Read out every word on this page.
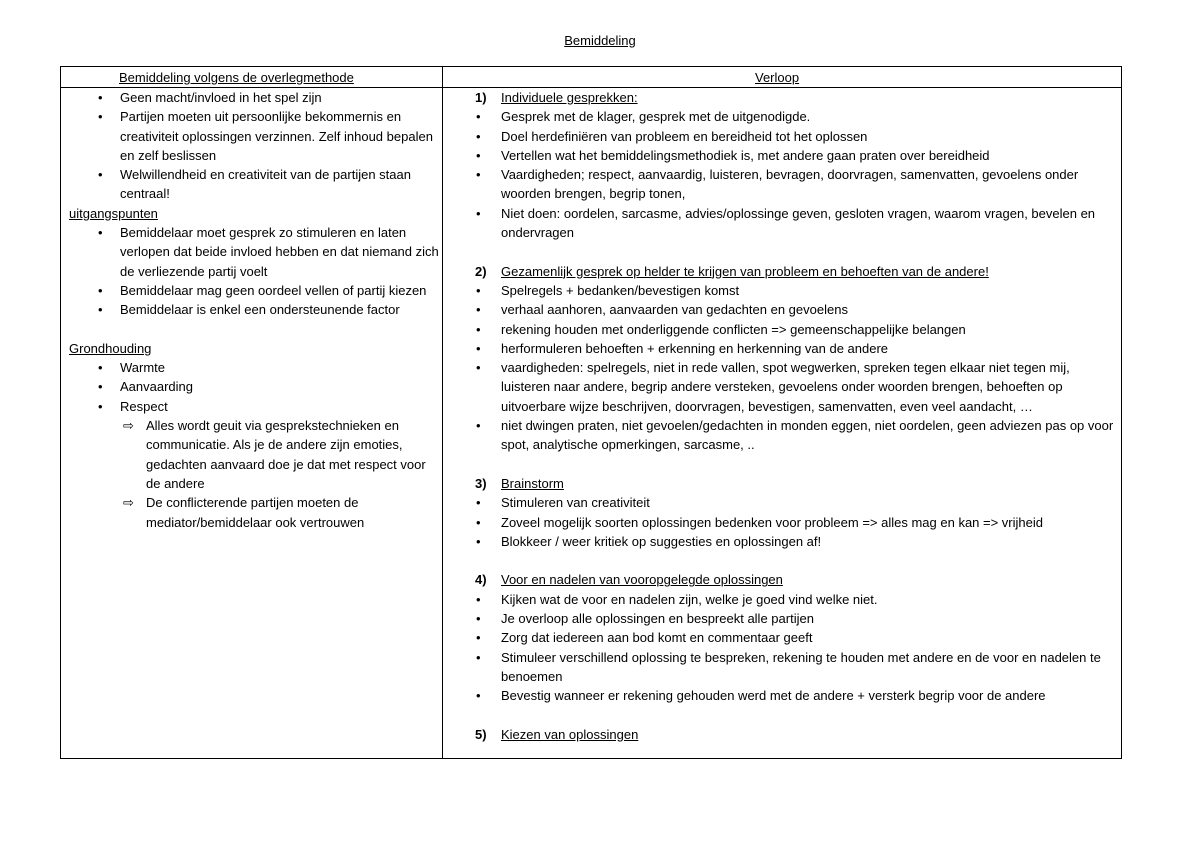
Bemiddeling
Bemiddeling volgens de overlegmethode	Verloop
• Geen macht/invloed in het spel zijn
• Partijen moeten uit persoonlijke bekommernis en creativiteit oplossingen verzinnen. Zelf inhoud bepalen en zelf beslissen
• Welwillendheid en creativiteit van de partijen staan centraal!
uitgangspunten
• Bemiddelaar moet gesprek zo stimuleren en laten verlopen dat beide invloed hebben en dat niemand zich de verliezende partij voelt
• Bemiddelaar mag geen oordeel vellen of partij kiezen
• Bemiddelaar is enkel een ondersteunende factor
Grondhouding
• Warmte
• Aanvaarding
• Respect
⇨ Alles wordt geuit via gesprekstechnieken en communicatie. Als je de andere zijn emoties, gedachten aanvaard doe je dat met respect voor de andere
⇨ De conflicterende partijen moeten de mediator/bemiddelaar ook vertrouwen
1) Individuele gesprekken:
• Gesprek met de klager, gesprek met de uitgenodigde.
• Doel herdefiniëren van probleem en bereidheid tot het oplossen
• Vertellen wat het bemiddelingsmethodiek is, met andere gaan praten over bereidheid
• Vaardigheden; respect, aanvaardig, luisteren, bevragen, doorvragen, samenvatten, gevoelens onder woorden brengen, begrip tonen,
• Niet doen: oordelen, sarcasme, advies/oplossinge geven, gesloten vragen, waarom vragen, bevelen en ondervragen
2) Gezamenlijk gesprek op helder te krijgen van probleem en behoeften van de andere!
• Spelregels + bedanken/bevestigen komst
• verhaal aanhoren, aanvaarden van gedachten en gevoelens
• rekening houden met onderliggende conflicten => gemeenschappelijke belangen
• herformuleren behoeften + erkenning en herkenning van de andere
• vaardigheden: spelregels, niet in rede vallen, spot wegwerken, spreken tegen elkaar niet tegen mij, luisteren naar andere, begrip andere versteken, gevoelens onder woorden brengen, behoeften op uitvoerbare wijze beschrijven, doorvragen, bevestigen, samenvatten, even veel aandacht, …
• niet dwingen praten, niet gevoelen/gedachten in monden eggen, niet oordelen, geen adviezen pas op voor spot, analytische opmerkingen, sarcasme, ..
3) Brainstorm
• Stimuleren van creativiteit
• Zoveel mogelijk soorten oplossingen bedenken voor probleem => alles mag en kan => vrijheid
• Blokkeer / weer kritiek op suggesties en oplossingen af!
4) Voor en nadelen van vooropgelegde oplossingen
• Kijken wat de voor en nadelen zijn, welke je goed vind welke niet.
• Je overloop alle oplossingen en bespreekt alle partijen
• Zorg dat iedereen aan bod komt en commentaar geeft
• Stimuleer verschillend oplossing te bespreken, rekening te houden met andere en de voor en nadelen te benoemen
• Bevestig wanneer er rekening gehouden werd met de andere + versterk begrip voor de andere
5) Kiezen van oplossingen
